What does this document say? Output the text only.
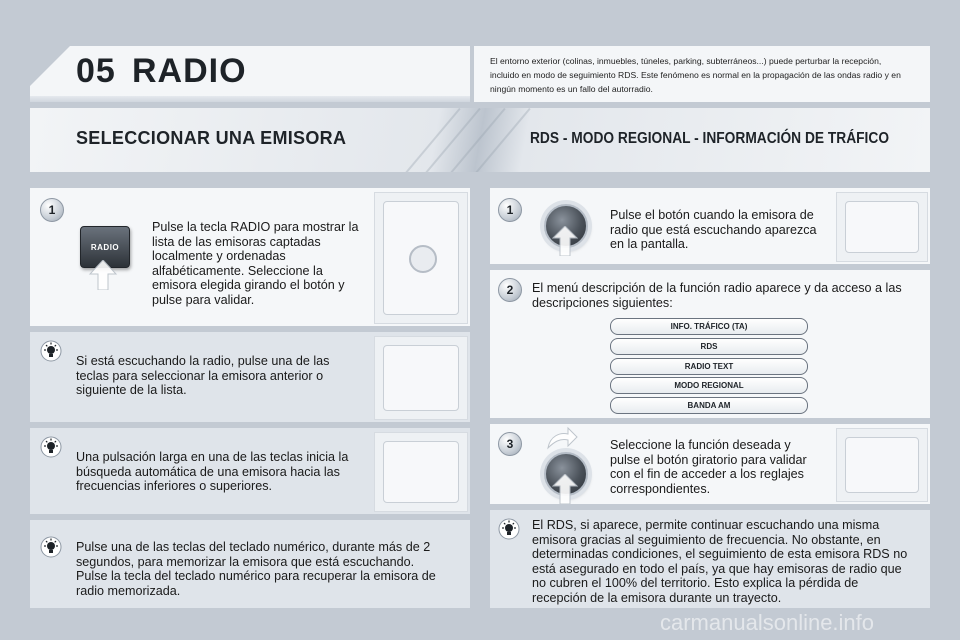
05 RADIO	El entorno exterior (colinas, inmuebles, túneles, parking, subterráneos...) puede perturbar la recepción, incluido en modo de seguimiento RDS. Este fenómeno es normal en la propagación de las ondas radio y en ningún momento es un fallo del autorradio.
SELECCIONAR UNA EMISORA	RDS - MODO REGIONAL - INFORMACIÓN DE TRÁFICO
1
RADIO
Pulse la tecla RADIO para mostrar la lista de las emisoras captadas localmente y ordenadas alfabéticamente. Seleccione la emisora elegida girando el botón y pulse para validar.
Si está escuchando la radio, pulse una de las teclas para seleccionar la emisora anterior o siguiente de la lista.
Una pulsación larga en una de las teclas inicia la búsqueda automática de una emisora hacia las frecuencias inferiores o superiores.
Pulse una de las teclas del teclado numérico, durante más de 2 segundos, para memorizar la emisora que está escuchando. Pulse la tecla del teclado numérico para recuperar la emisora de radio memorizada.
1	Pulse el botón cuando la emisora de radio que está escuchando aparezca en la pantalla.
2	El menú descripción de la función radio aparece y da acceso a las descripciones siguientes:
INFO. TRÁFICO (TA)
RDS
RADIO TEXT
MODO REGIONAL
BANDA AM
3	Seleccione la función deseada y pulse el botón giratorio para validar con el fin de acceder a los reglajes correspondientes.
El RDS, si aparece, permite continuar escuchando una misma emisora gracias al seguimiento de frecuencia. No obstante, en determinadas condiciones, el seguimiento de esta emisora RDS no está asegurado en todo el país, ya que hay emisoras de radio que no cubren el 100% del territorio. Esto explica la pérdida de recepción de la emisora durante un trayecto.
carmanualsonline.info
